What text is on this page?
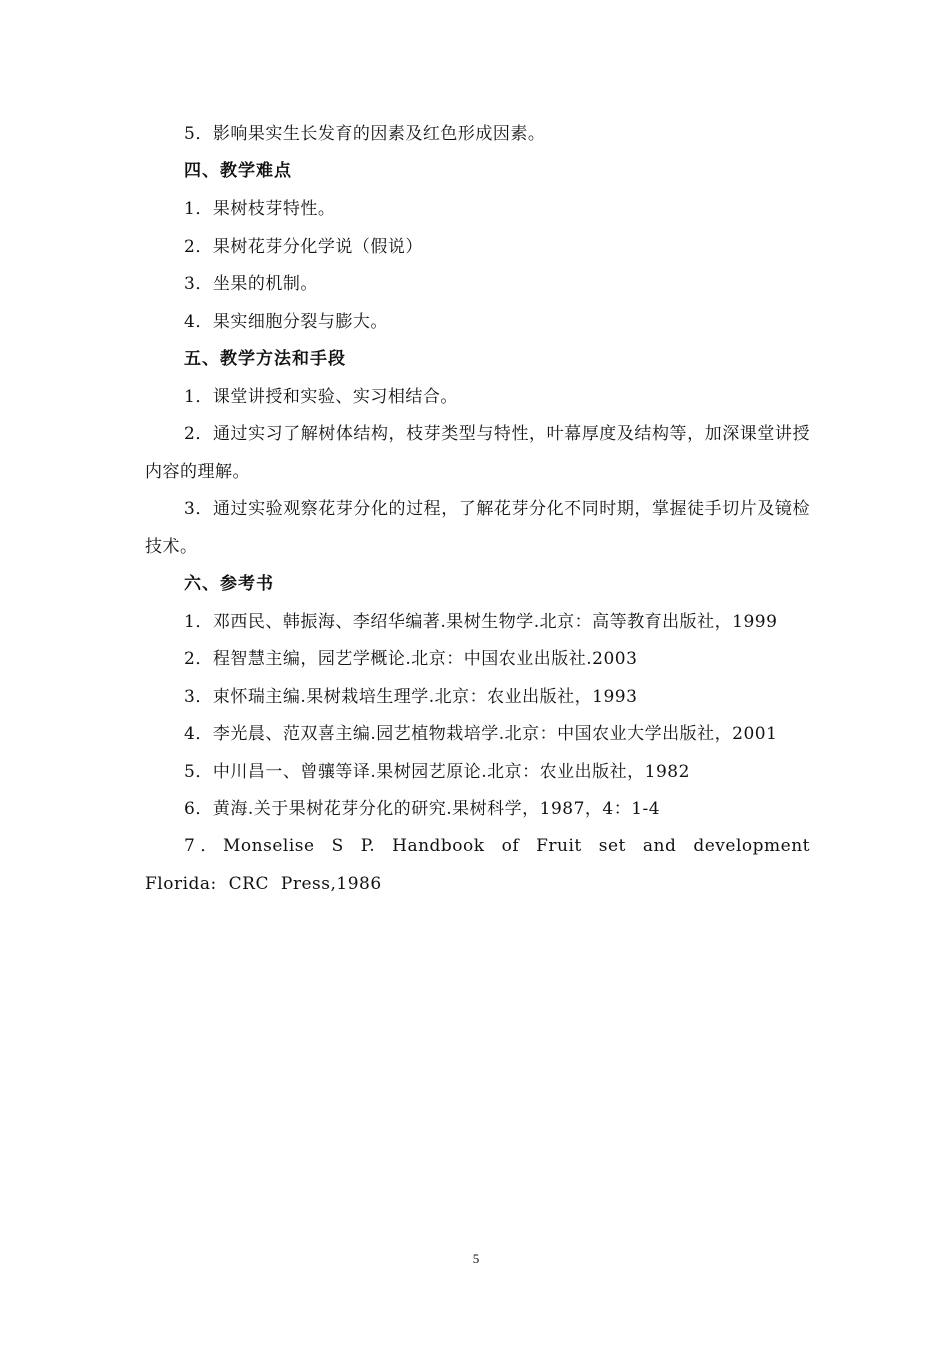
5．影响果实生长发育的因素及红色形成因素。
四、教学难点
1．果树枝芽特性。
2．果树花芽分化学说（假说）
3．坐果的机制。
4．果实细胞分裂与膨大。
五、教学方法和手段
1．课堂讲授和实验、实习相结合。
2．通过实习了解树体结构，枝芽类型与特性，叶幕厚度及结构等，加深课堂讲授内容的理解。
3．通过实验观察花芽分化的过程，了解花芽分化不同时期，掌握徒手切片及镜检技术。
六、参考书
1．邓西民、韩振海、李绍华编著.果树生物学.北京：高等教育出版社，1999
2．程智慧主编，园艺学概论.北京：中国农业出版社.2003
3．束怀瑞主编.果树栽培生理学.北京：农业出版社，1993
4．李光晨、范双喜主编.园艺植物栽培学.北京：中国农业大学出版社，2001
5．中川昌一、曾骧等译.果树园艺原论.北京：农业出版社，1982
6．黄海.关于果树花芽分化的研究.果树科学，1987，4：1-4
7．Monselise S P. Handbook of Fruit set and development Florida: CRC Press,1986
5
